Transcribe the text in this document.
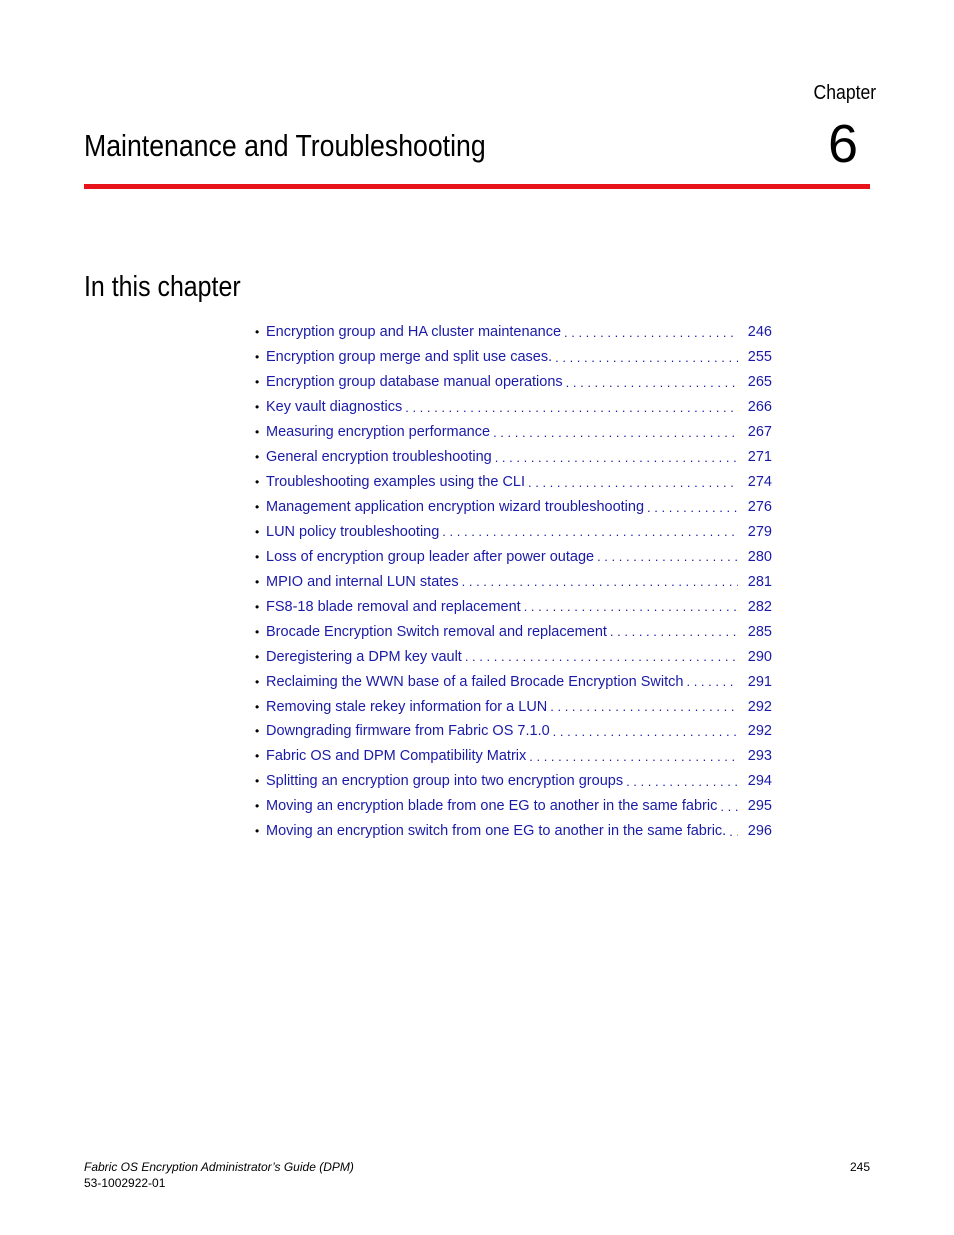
Chapter
6
Maintenance and Troubleshooting
In this chapter
• Encryption group and HA cluster maintenance . . .	246
• Encryption group merge and split use cases. . . .	255
• Encryption group database manual operations . . .	265
• Key vault diagnostics . . .	266
• Measuring encryption performance . . .	267
• General encryption troubleshooting . . .	271
• Troubleshooting examples using the CLI . . .	274
• Management application encryption wizard troubleshooting . . .	276
• LUN policy troubleshooting . . .	279
• Loss of encryption group leader after power outage . . .	280
• MPIO and internal LUN states . . .	281
• FS8-18 blade removal and replacement . . .	282
• Brocade Encryption Switch removal and replacement . . .	285
• Deregistering a DPM key vault . . .	290
• Reclaiming the WWN base of a failed Brocade Encryption Switch . . .	291
• Removing stale rekey information for a LUN . . .	292
• Downgrading firmware from Fabric OS 7.1.0 . . .	292
• Fabric OS and DPM Compatibility Matrix . . .	293
• Splitting an encryption group into two encryption groups . . .	294
• Moving an encryption blade from one EG to another in the same fabric . . . 295
• Moving an encryption switch from one EG to another in the same fabric. . . . 296
Fabric OS Encryption Administrator’s Guide (DPM)
53-1002922-01
245
